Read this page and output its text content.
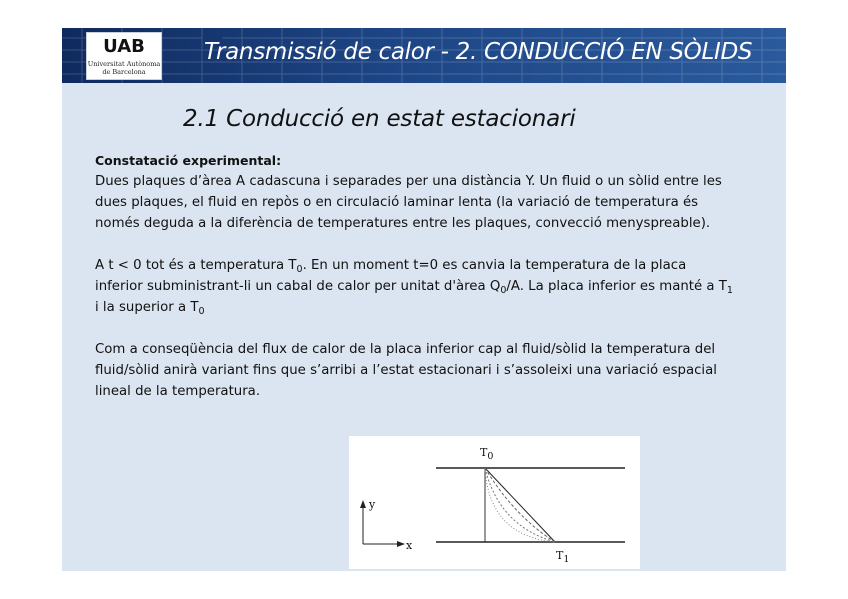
UAB
Universitat Autònoma
de Barcelona
Transmissió de calor - 2. CONDUCCIÓ EN SÒLIDS
2.1 Conducció en estat estacionari

Constatació experimental:

Dues plaques d’àrea A cadascuna i separades per una distància Y. Un fluid o un sòlid entre les dues plaques, el fluid en repòs o en circulació laminar lenta (la variació de temperatura és només deguda a la diferència de temperatures entre les plaques, convecció menyspreable).

A t < 0 tot és a temperatura $T_0$. En un moment t=0 es canvia la temperatura de la placa inferior subministrant-li un cabal de calor per unitat d'àrea $Q_0/A$. La placa inferior es manté a $T_1$ i la superior a $T_0$

Com a conseqüència del flux de calor de la placa inferior cap al fluid/sòlid la temperatura del fluid/sòlid anirà variant fins que s’arribi a l’estat estacionari i s’assoleixi una variació espacial lineal de la temperatura.

$T_0$
$T_1$
y
x
